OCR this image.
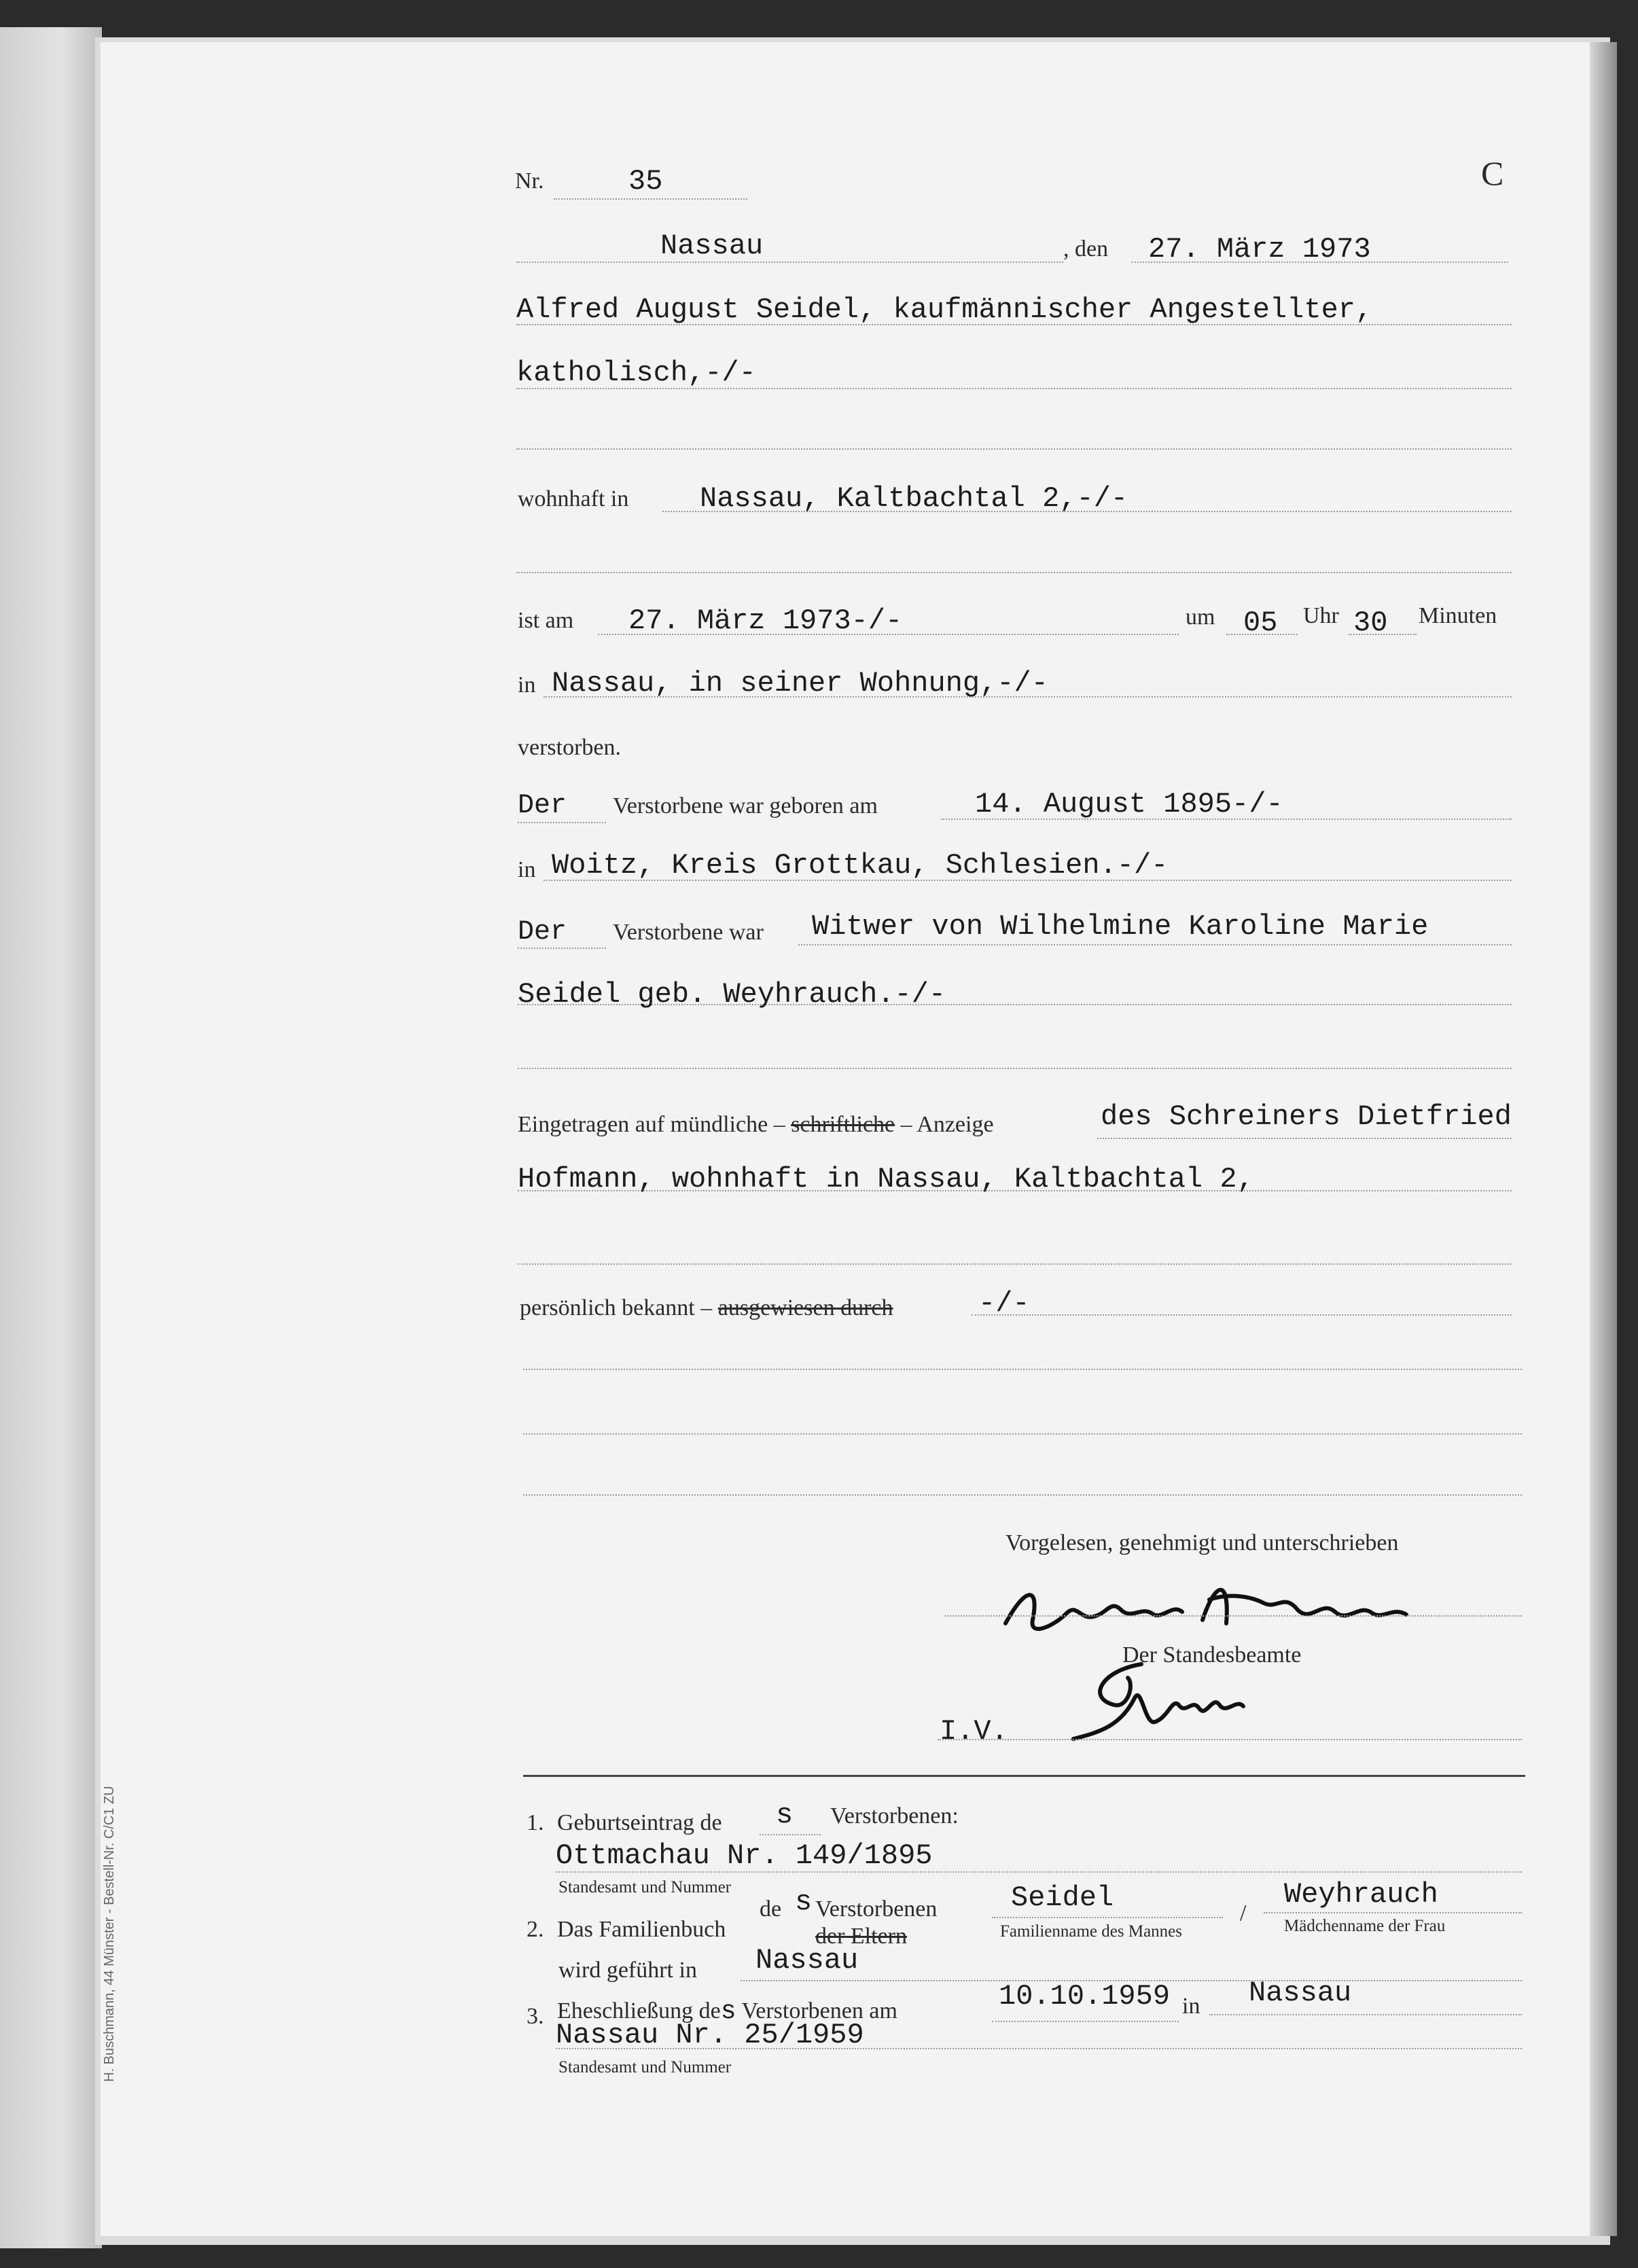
H. Buschmann, 44 Münster - Bestell-Nr. C/C1 ZU
Nr.	35	C
Nassau	, den 27. März 1973
Alfred August Seidel, kaufmännischer Angestellter,
katholisch,-/-
wohnhaft in Nassau, Kaltbachtal 2,-/-
ist am 27. März 1973-/-	um 05 Uhr 30 Minuten
in Nassau, in seiner Wohnung,-/-
verstorben.
Der Verstorbene war geboren am	14. August 1895-/-
in Woitz, Kreis Grottkau, Schlesien.-/-
Der Verstorbene war Witwer von Wilhelmine Karoline Marie
Seidel geb. Weyhrauch.-/-
Eingetragen auf mündliche – schriftliche – Anzeige	des Schreiners Dietfried
Hofmann, wohnhaft in Nassau, Kaltbachtal 2,
persönlich bekannt – ausgewiesen durch	-/-
Vorgelesen, genehmigt und unterschrieben
Der Standesbeamte
I.V.
1. Geburtseintrag de s Verstorbenen:
Ottmachau Nr. 149/1895
Standesamt und Nummer
2. Das Familienbuch
de s Verstorbenen
der Eltern
Seidel
Familienname des Mannes
/
Weyhrauch
Mädchenname der Frau
wird geführt in Nassau
3. Eheschließung des Verstorbenen am	10.10.1959 in Nassau
Nassau Nr. 25/1959
Standesamt und Nummer
